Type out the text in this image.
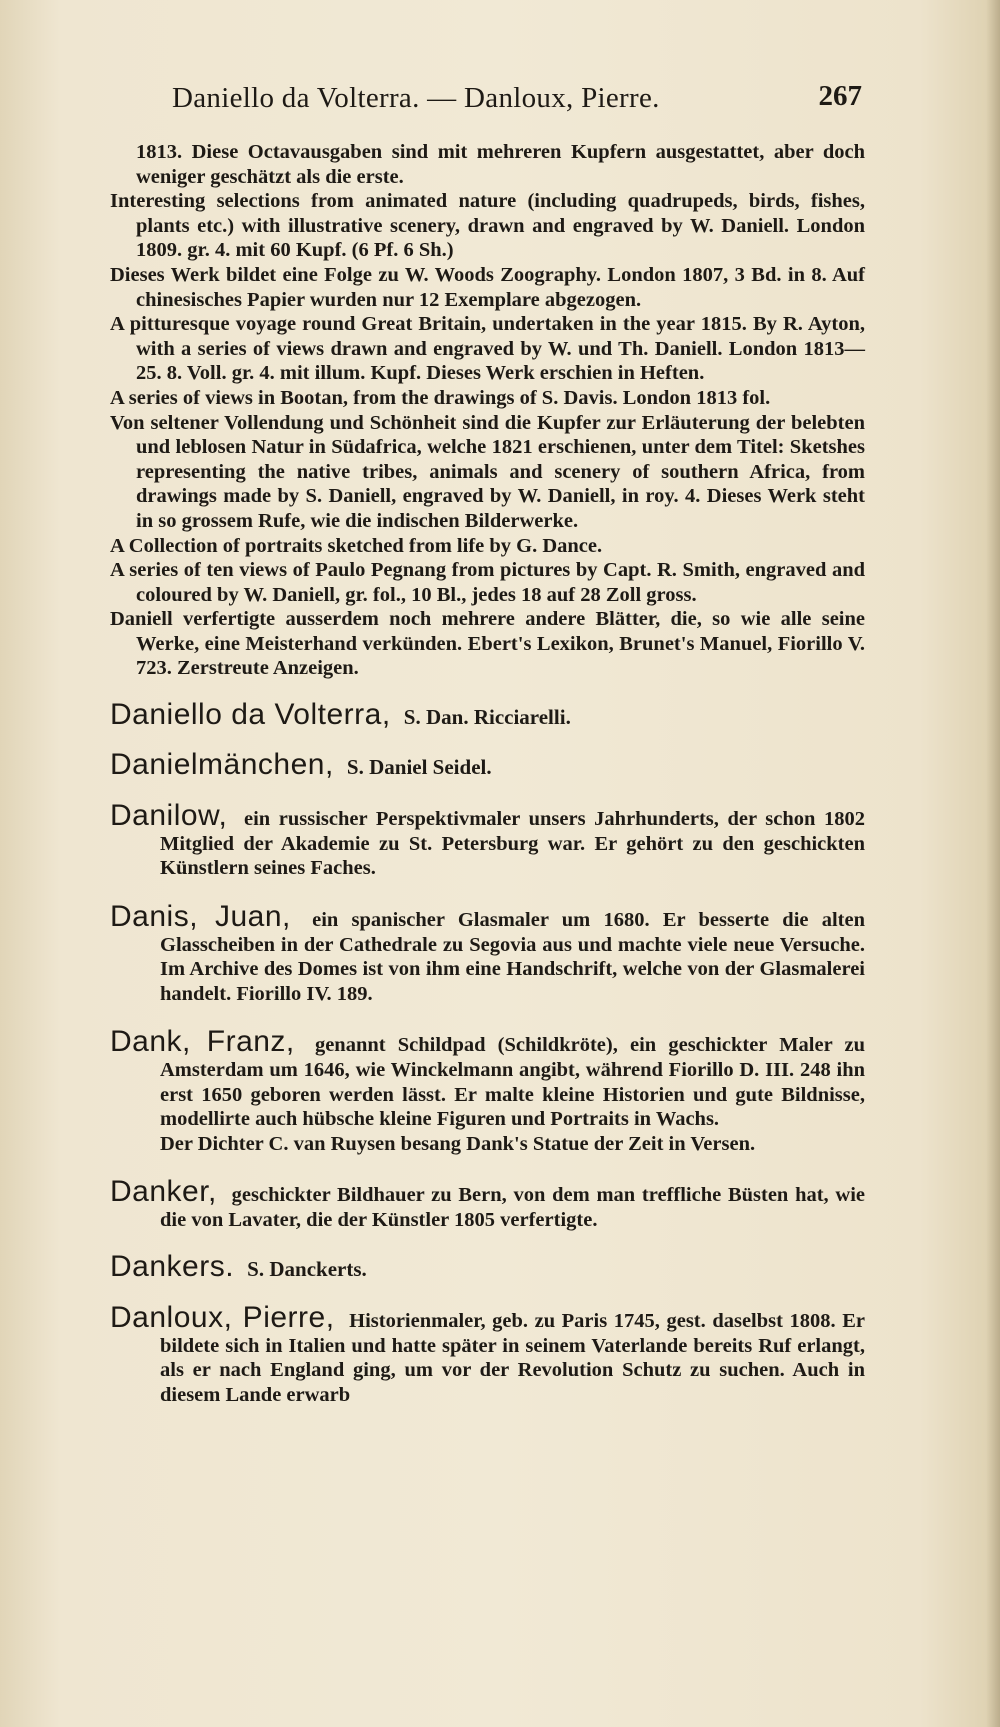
Daniello da Volterra. — Danloux, Pierre.	267

1813. Diese Octavausgaben sind mit mehreren Kupfern ausgestattet, aber doch weniger geschätzt als die erste.

Interesting selections from animated nature (including quadrupeds, birds, fishes, plants etc.) with illustrative scenery, drawn and engraved by W. Daniell. London 1809. gr. 4. mit 60 Kupf. (6 Pf. 6 Sh.)

Dieses Werk bildet eine Folge zu W. Woods Zoography. London 1807, 3 Bd. in 8. Auf chinesisches Papier wurden nur 12 Exemplare abgezogen.

A pitturesque voyage round Great Britain, undertaken in the year 1815. By R. Ayton, with a series of views drawn and engraved by W. und Th. Daniell. London 1813—25. 8. Voll. gr. 4. mit illum. Kupf. Dieses Werk erschien in Heften.

A series of views in Bootan, from the drawings of S. Davis. London 1813 fol.

Von seltener Vollendung und Schönheit sind die Kupfer zur Erläuterung der belebten und leblosen Natur in Südafrica, welche 1821 erschienen, unter dem Titel: Sketshes representing the native tribes, animals and scenery of southern Africa, from drawings made by S. Daniell, engraved by W. Daniell, in roy. 4. Dieses Werk steht in so grossem Rufe, wie die indischen Bilderwerke.

A Collection of portraits sketched from life by G. Dance.

A series of ten views of Paulo Pegnang from pictures by Capt. R. Smith, engraved and coloured by W. Daniell, gr. fol., 10 Bl., jedes 18 auf 28 Zoll gross.

Daniell verfertigte ausserdem noch mehrere andere Blätter, die, so wie alle seine Werke, eine Meisterhand verkünden. Ebert's Lexikon, Brunet's Manuel, Fiorillo V. 723. Zerstreute Anzeigen.

Daniello da Volterra, S. Dan. Ricciarelli.

Danielmänchen, S. Daniel Seidel.

Danilow, ein russischer Perspektivmaler unsers Jahrhunderts, der schon 1802 Mitglied der Akademie zu St. Petersburg war. Er gehört zu den geschickten Künstlern seines Faches.

Danis, Juan, ein spanischer Glasmaler um 1680. Er besserte die alten Glasscheiben in der Cathedrale zu Segovia aus und machte viele neue Versuche. Im Archive des Domes ist von ihm eine Handschrift, welche von der Glasmalerei handelt. Fiorillo IV. 189.

Dank, Franz, genannt Schildpad (Schildkröte), ein geschickter Maler zu Amsterdam um 1646, wie Winckelmann angibt, während Fiorillo D. III. 248 ihn erst 1650 geboren werden lässt. Er malte kleine Historien und gute Bildnisse, modellirte auch hübsche kleine Figuren und Portraits in Wachs.
Der Dichter C. van Ruysen besang Dank's Statue der Zeit in Versen.

Danker, geschickter Bildhauer zu Bern, von dem man treffliche Büsten hat, wie die von Lavater, die der Künstler 1805 verfertigte.

Dankers. S. Danckerts.

Danloux, Pierre, Historienmaler, geb. zu Paris 1745, gest. daselbst 1808. Er bildete sich in Italien und hatte später in seinem Vaterlande bereits Ruf erlangt, als er nach England ging, um vor der Revolution Schutz zu suchen. Auch in diesem Lande erwarb
